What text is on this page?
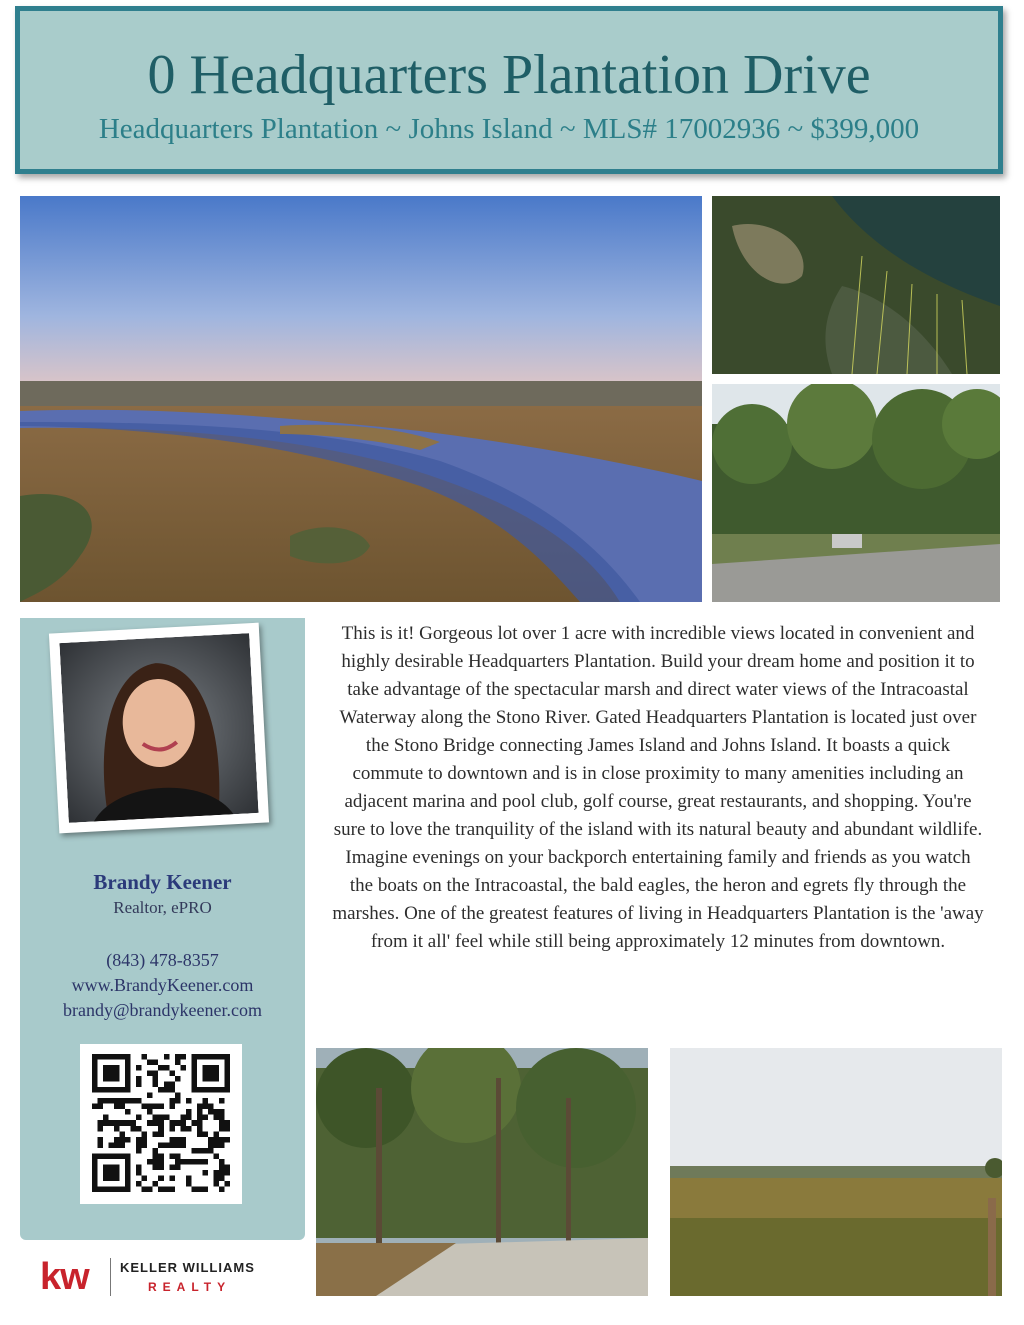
0 Headquarters Plantation Drive
Headquarters Plantation ~ Johns Island ~ MLS# 17002936 ~ $399,000
Brandy Keener
Realtor, ePRO
(843) 478-8357
www.BrandyKeener.com
brandy@brandykeener.com
kw KELLER WILLIAMS
REALTY
This is it! Gorgeous lot over 1 acre with incredible views located in convenient and highly desirable Headquarters Plantation. Build your dream home and position it to take advantage of the spectacular marsh and direct water views of the Intracoastal Waterway along the Stono River. Gated Headquarters Plantation is located just over the Stono Bridge connecting James Island and Johns Island. It boasts a quick commute to downtown and is in close proximity to many amenities including an adjacent marina and pool club, golf course, great restaurants, and shopping. You're sure to love the tranquility of the island with its natural beauty and abundant wildlife. Imagine evenings on your backporch entertaining family and friends as you watch the boats on the Intracoastal, the bald eagles, the heron and egrets fly through the marshes. One of the greatest features of living in Headquarters Plantation is the 'away from it all' feel while still being approximately 12 minutes from downtown.
